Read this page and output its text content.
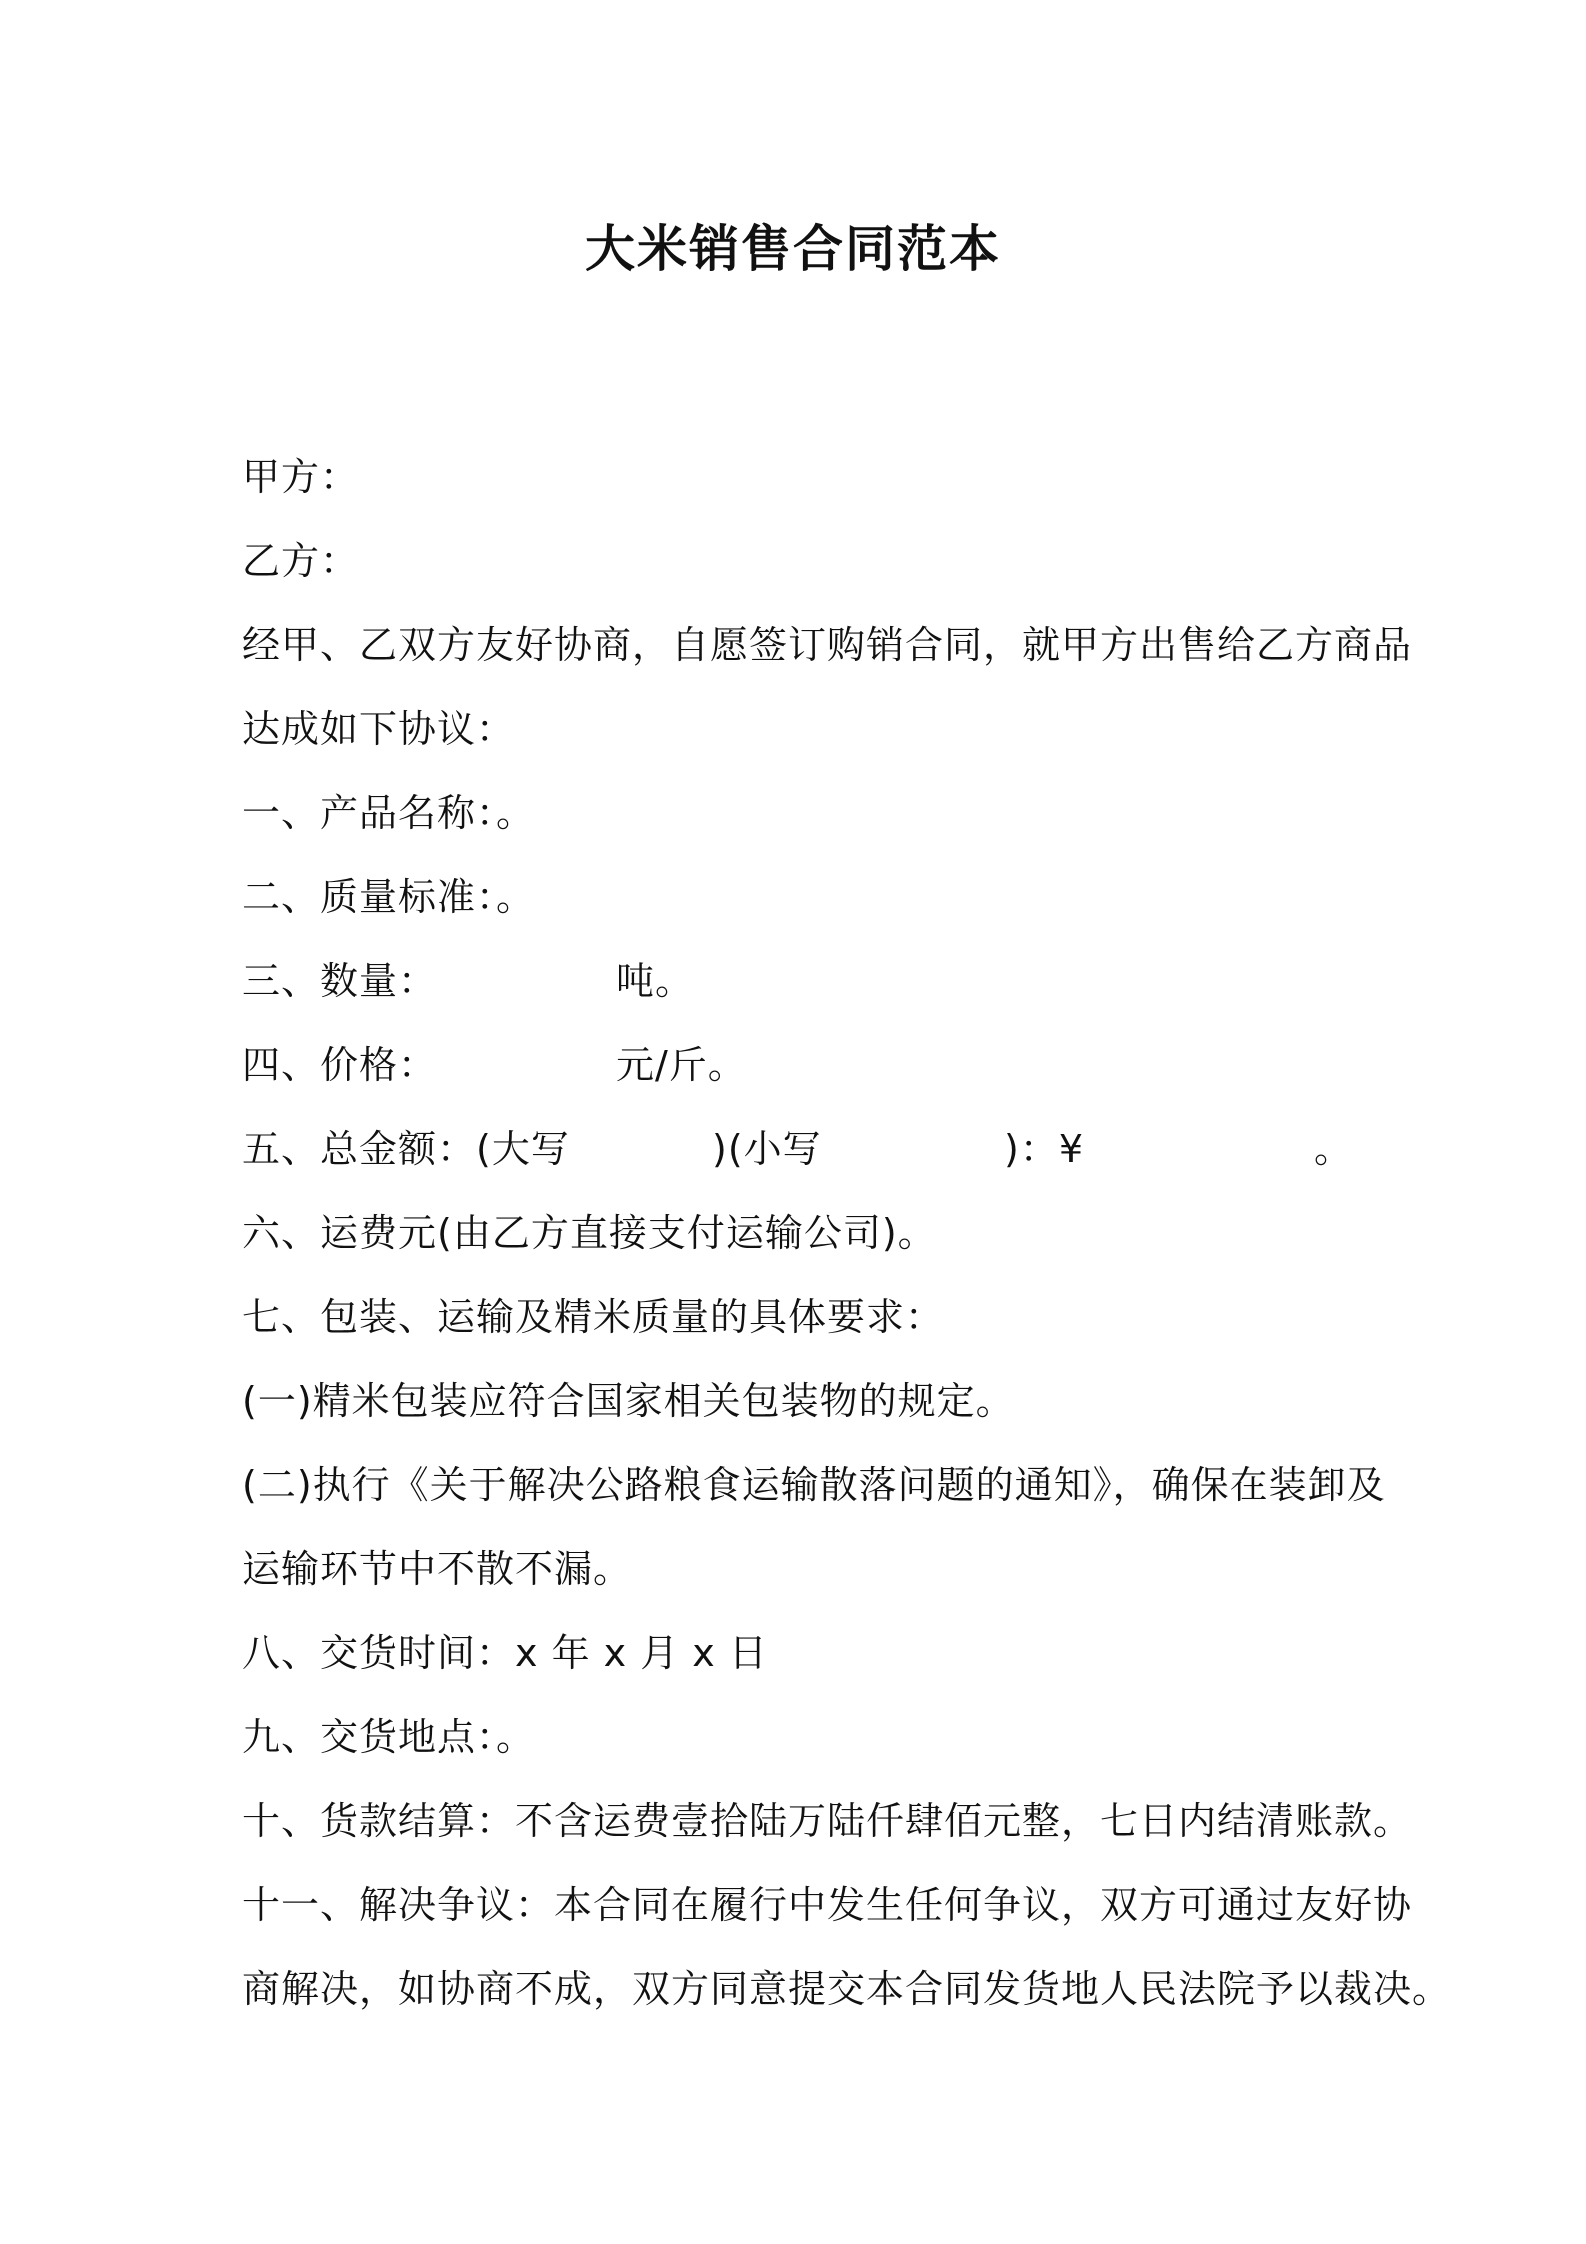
大米销售合同范本
甲方：
乙方：
经甲、乙双方友好协商，自愿签订购销合同，就甲方出售给乙方商品
达成如下协议：
一、产品名称：。
二、质量标准：。
三、数量：	吨。
四、价格：	元/斤。
五、总金额：(大写	)(小写	)：¥	。
六、运费元(由乙方直接支付运输公司)。
七、包装、运输及精米质量的具体要求：
(一)精米包装应符合国家相关包装物的规定。
(二)执行《关于解决公路粮食运输散落问题的通知》，确保在装卸及
运输环节中不散不漏。
八、交货时间：x 年 x 月 x 日
九、交货地点：。
十、货款结算：不含运费壹拾陆万陆仟肆佰元整，七日内结清账款。
十一、解决争议：本合同在履行中发生任何争议，双方可通过友好协
商解决，如协商不成，双方同意提交本合同发货地人民法院予以裁决。
